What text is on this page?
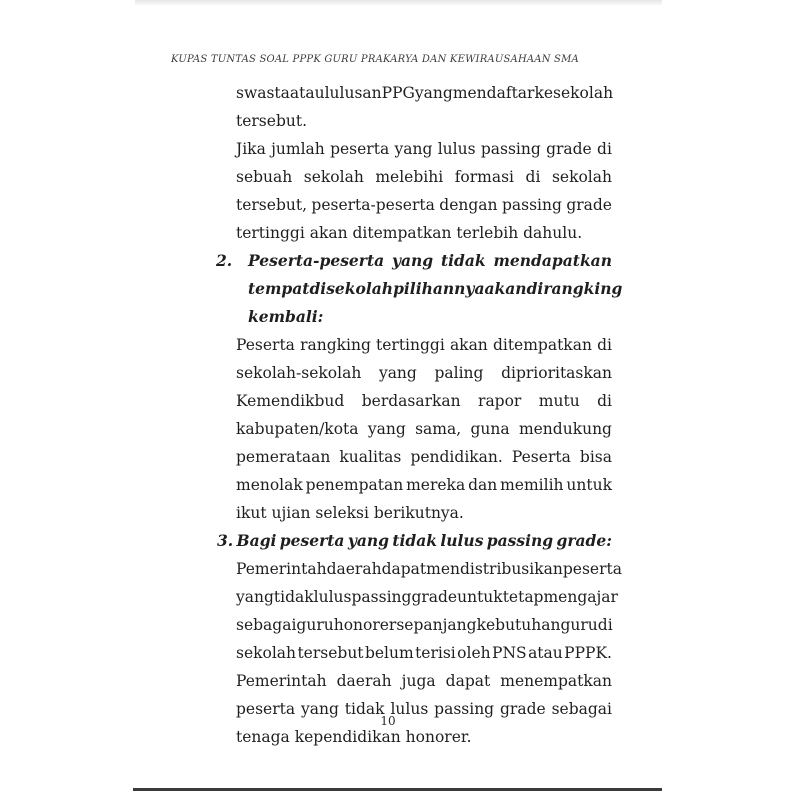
KUPAS TUNTAS SOAL PPPK GURU PRAKARYA DAN KEWIRAUSAHAAN SMA
swasta atau lulusan PPG yang mendaftar ke sekolah
tersebut.
Jika jumlah peserta yang lulus passing grade di
sebuah sekolah melebihi formasi di sekolah
tersebut, peserta-peserta dengan passing grade
tertinggi akan ditempatkan terlebih dahulu.
2. Peserta-peserta yang tidak mendapatkan
tempat di sekolah pilihannya akan dirangking
kembali:
Peserta rangking tertinggi akan ditempatkan di
sekolah-sekolah yang paling diprioritaskan
Kemendikbud berdasarkan rapor mutu di
kabupaten/kota yang sama, guna mendukung
pemerataan kualitas pendidikan. Peserta bisa
menolak penempatan mereka dan memilih untuk
ikut ujian seleksi berikutnya.
3. Bagi peserta yang tidak lulus passing grade:
Pemerintah daerah dapat mendistribusikan peserta
yang tidak lulus passing grade untuk tetap mengajar
sebagai guru honorer sepanjang kebutuhan guru di
sekolah tersebut belum terisi oleh PNS atau PPPK.
Pemerintah daerah juga dapat menempatkan
peserta yang tidak lulus passing grade sebagai
tenaga kependidikan honorer.
10
